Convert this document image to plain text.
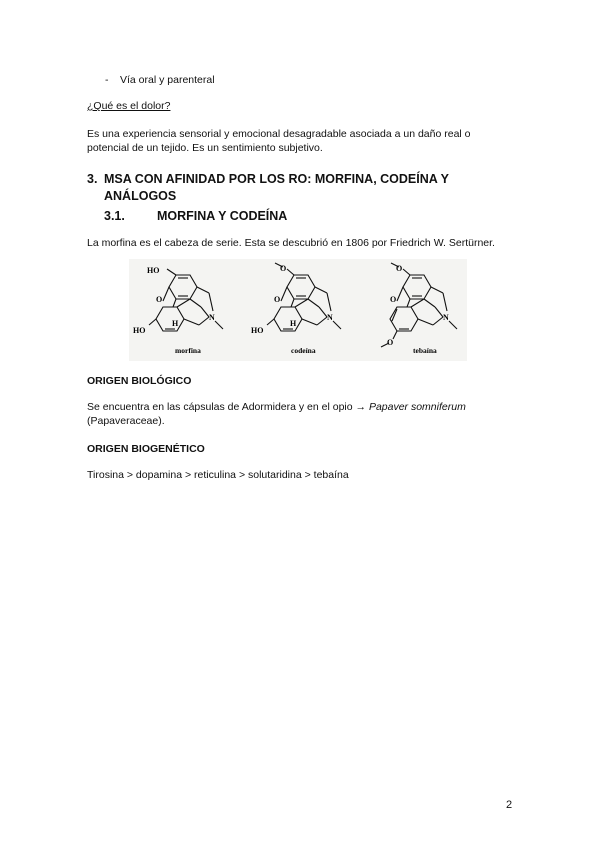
- Vía oral y parenteral
¿Qué es el dolor?
Es una experiencia sensorial y emocional desagradable asociada a un daño real o
potencial de un tejido. Es un sentimiento subjetivo.
3. MSA CON AFINIDAD POR LOS RO: MORFINA, CODEÍNA Y
ANÁLOGOS
3.1.	MORFINA Y CODEÍNA
La morfina es el cabeza de serie. Esta se descubrió en 1806 por Friedrich W. Sertürner.
HO
O
N
H
HO
morfina
O
O
N
H
HO
codeína
O
O
N
O
tebaína
ORIGEN BIOLÓGICO
Se encuentra en las cápsulas de Adormidera y en el opio → Papaver somniferum
(Papaveraceae).
ORIGEN BIOGENÉTICO
Tirosina > dopamina > reticulina > solutaridina > tebaína
2
